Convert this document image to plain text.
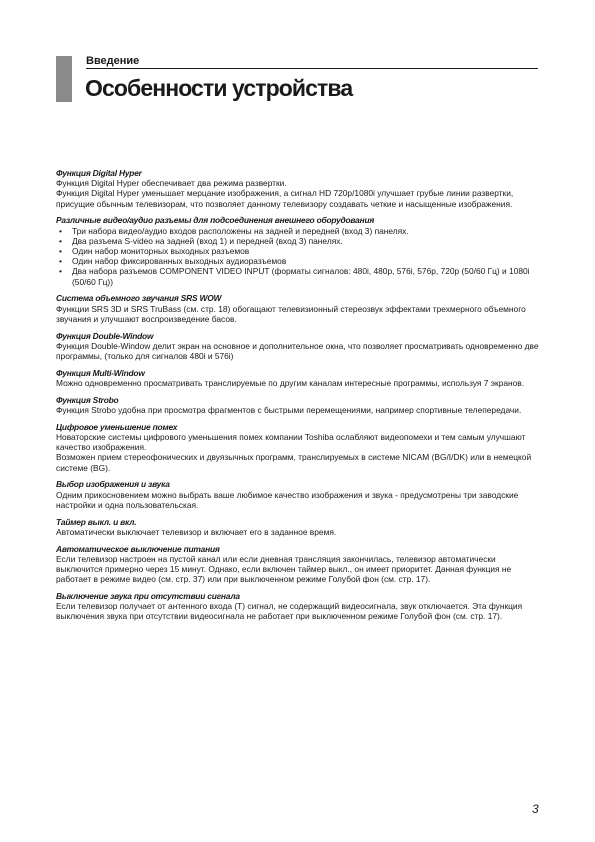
Введение
Особенности устройства
Функция Digital Hyper

Функция Digital Hyper обеспечивает два режима развертки.

Функция Digital Hyper уменьшает мерцание изображения, а сигнал HD 720p/1080i улучшает грубые линии развертки, присущие обычным телевизорам, что позволяет данному телевизору создавать четкие и насыщенные изображения.

Различные видео/аудио разъемы для подсоединения внешнего оборудования
• Три набора видео/аудио входов расположены на задней и передней (вход 3) панелях.
• Два разъема S-video на задней (вход 1) и передней (вход 3) панелях.
• Один набор мониторных выходных разъемов
• Один набор фиксированных выходных аудиоразъемов
• Два набора разъемов COMPONENT VIDEO INPUT (форматы сигналов: 480i, 480p, 576i, 576p, 720p (50/60 Гц) и 1080i (50/60 Гц))
Система объемного звучания SRS WOW

Функции SRS 3D и SRS TruBass (см. стр. 18) обогащают телевизионный стереозвук эффектами трехмерного объемного звучания и улучшают воспроизведение басов.

Функция Double-Window

Функция Double-Window делит экран на основное и дополнительное окна, что позволяет просматривать одновременно две программы, (только для сигналов 480i и 576i)

Функция Multi-Window

Можно одновременно просматривать транслируемые по другим каналам интересные программы, используя 7 экранов.

Функция Strobo

Функция Strobo удобна при просмотра фрагментов с быстрыми перемещениями, например спортивные телепередачи.

Цифровое уменьшение помех

Новаторские системы цифрового уменьшения помех компании Toshiba ослабляют видеопомехи и тем самым улучшают качество изображения.

Возможен прием стереофонических и двуязычных программ, транслируемых в системе NICAM (BG/I/DK) или в немецкой системе (BG).

Выбор изображения и звука

Одним прикосновением можно выбрать ваше любимое качество изображения и звука - предусмотрены три заводские настройки и одна пользовательская.

Таймер выкл. и вкл.

Автоматически выключает телевизор и включает его в заданное время.

Автоматическое выключение питания

Если телевизор настроен на пустой канал или если дневная трансляция закончилась, телевизор автоматически выключится примерно через 15 минут. Однако, если включен таймер выкл., он имеет приоритет. Данная функция не работает в режиме видео (см. стр. 37) или при выключенном режиме Голубой фон (см. стр. 17).

Выключение звука при отсутствии сигнала

Если телевизор получает от антенного входа (T) сигнал, не содержащий видеосигнала, звук отключается. Эта функция выключения звука при отсутствии видеосигнала не работает при выключенном режиме Голубой фон (см. стр. 17).

3
